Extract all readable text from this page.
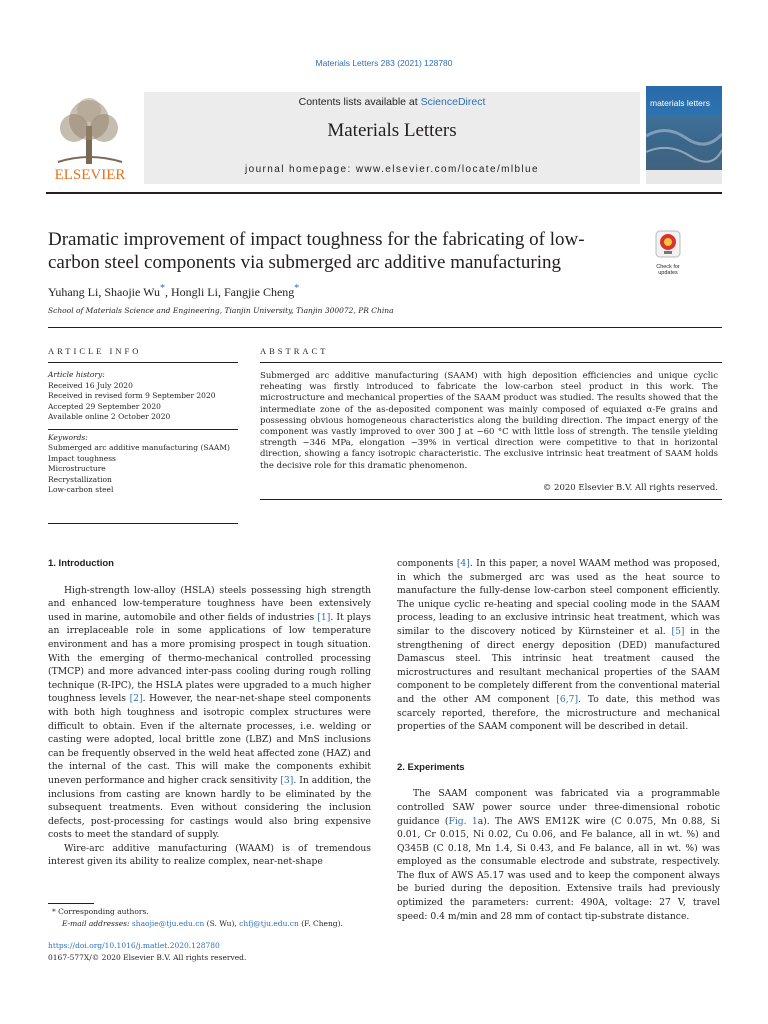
Materials Letters 283 (2021) 128780
ELSEVIER
Contents lists available at ScienceDirect
Materials Letters
journal homepage: www.elsevier.com/locate/mlblue
materials letters
Dramatic improvement of impact toughness for the fabricating of low-carbon steel components via submerged arc additive manufacturing	Check for updates
Yuhang Li, Shaojie Wu*, Hongli Li, Fangjie Cheng*
School of Materials Science and Engineering, Tianjin University, Tianjin 300072, PR China
ARTICLE INFO	ABSTRACT
Article history:
Received 16 July 2020
Received in revised form 9 September 2020
Accepted 29 September 2020
Available online 2 October 2020
Keywords:
Submerged arc additive manufacturing (SAAM)
Impact toughness
Microstructure
Recrystallization
Low-carbon steel

Submerged arc additive manufacturing (SAAM) with high deposition efficiencies and unique cyclic reheating was firstly introduced to fabricate the low-carbon steel product in this work. The microstructure and mechanical properties of the SAAM product was studied. The results showed that the intermediate zone of the as-deposited component was mainly composed of equiaxed α-Fe grains and possessing obvious homogeneous characteristics along the building direction. The impact energy of the component was vastly improved to over 300 J at −60 °C with little loss of strength. The tensile yielding strength −346 MPa, elongation −39% in vertical direction were competitive to that in horizontal direction, showing a fancy isotropic characteristic. The exclusive intrinsic heat treatment of SAAM holds the decisive role for this dramatic phenomenon.

© 2020 Elsevier B.V. All rights reserved.
1. Introduction

High-strength low-alloy (HSLA) steels possessing high strength and enhanced low-temperature toughness have been extensively used in marine, automobile and other fields of industries [1]. It plays an irreplaceable role in some applications of low temperature environment and has a more promising prospect in tough situation. With the emerging of thermo-mechanical controlled processing (TMCP) and more advanced inter-pass cooling during rough rolling technique (R-IPC), the HSLA plates were upgraded to a much higher toughness levels [2]. However, the near-net-shape steel components with both high toughness and isotropic complex structures were difficult to obtain. Even if the alternate processes, i.e. welding or casting were adopted, local brittle zone (LBZ) and MnS inclusions can be frequently observed in the weld heat affected zone (HAZ) and the internal of the cast. This will make the components exhibit uneven performance and higher crack sensitivity [3]. In addition, the inclusions from casting are known hardly to be eliminated by the subsequent treatments. Even without considering the inclusion defects, post-processing for castings would also bring expensive costs to meet the standard of supply.

Wire-arc additive manufacturing (WAAM) is of tremendous interest given its ability to realize complex, near-net-shape

components [4]. In this paper, a novel WAAM method was proposed, in which the submerged arc was used as the heat source to manufacture the fully-dense low-carbon steel component efficiently. The unique cyclic re-heating and special cooling mode in the SAAM process, leading to an exclusive intrinsic heat treatment, which was similar to the discovery noticed by Kürnsteiner et al. [5] in the strengthening of direct energy deposition (DED) manufactured Damascus steel. This intrinsic heat treatment caused the microstructures and resultant mechanical properties of the SAAM component to be completely different from the conventional material and the other AM component [6,7]. To date, this method was scarcely reported, therefore, the microstructure and mechanical properties of the SAAM component will be described in detail.

2. Experiments

The SAAM component was fabricated via a programmable controlled SAW power source under three-dimensional robotic guidance (Fig. 1a). The AWS EM12K wire (C 0.075, Mn 0.88, Si 0.01, Cr 0.015, Ni 0.02, Cu 0.06, and Fe balance, all in wt. %) and Q345B (C 0.18, Mn 1.4, Si 0.43, and Fe balance, all in wt. %) was employed as the consumable electrode and substrate, respectively. The flux of AWS A5.17 was used and to keep the component always be buried during the deposition. Extensive trails had previously optimized the parameters: current: 490A, voltage: 27 V, travel speed: 0.4 m/min and 28 mm of contact tip-substrate distance.

* Corresponding authors.
E-mail addresses: shaojie@tju.edu.cn (S. Wu), chfj@tju.edu.cn (F. Cheng).
https://doi.org/10.1016/j.matlet.2020.128780
0167-577X/© 2020 Elsevier B.V. All rights reserved.
